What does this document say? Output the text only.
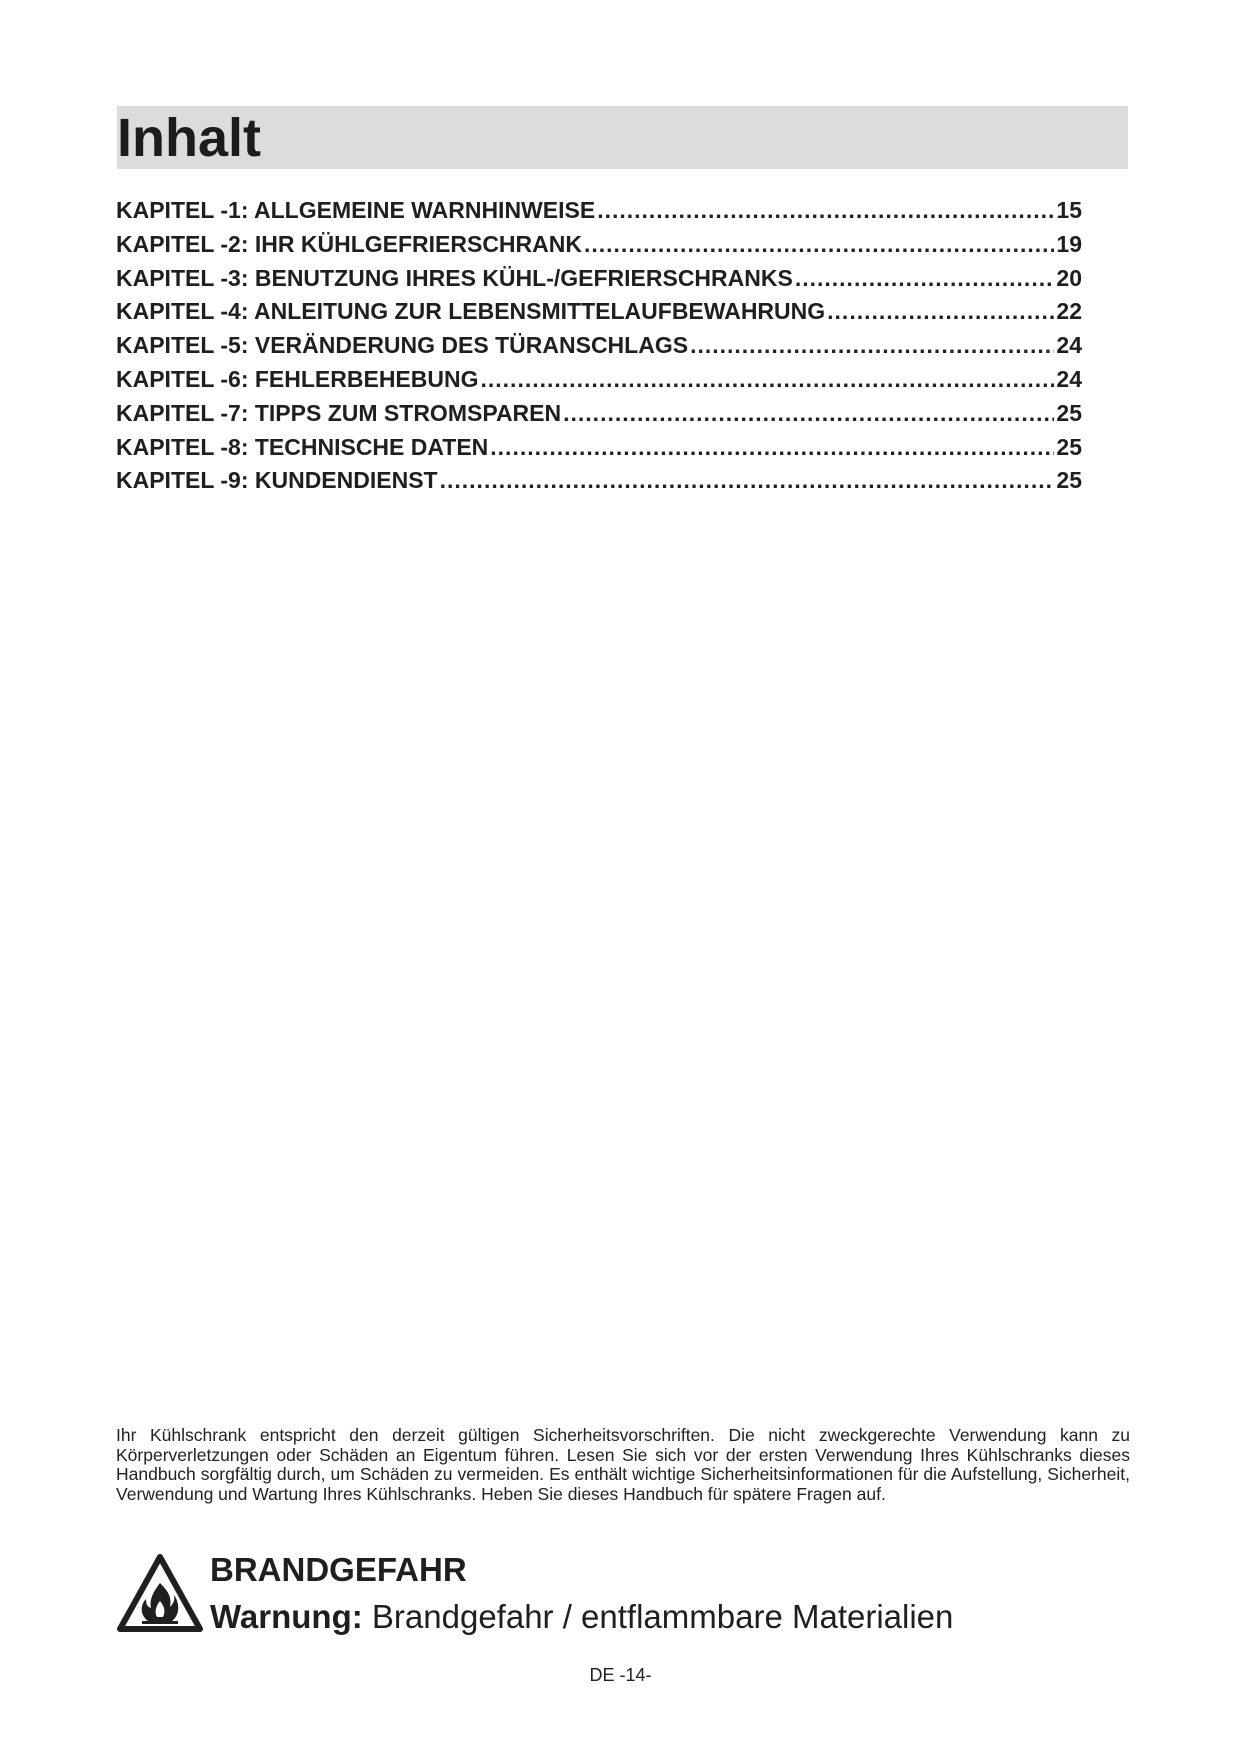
Inhalt
KAPITEL -1: ALLGEMEINE WARNHINWEISE .....	15
KAPITEL -2: IHR KÜHLGEFRIERSCHRANK .....	19
KAPITEL -3: BENUTZUNG IHRES KÜHL-/GEFRIERSCHRANKS .....	20
KAPITEL -4: ANLEITUNG ZUR LEBENSMITTELAUFBEWAHRUNG .....	22
KAPITEL -5: VERÄNDERUNG DES TÜRANSCHLAGS .....	24
KAPITEL -6: FEHLERBEHEBUNG .....	24
KAPITEL -7: TIPPS ZUM STROMSPAREN .....	25
KAPITEL -8: TECHNISCHE DATEN .....	25
KAPITEL -9: KUNDENDIENST .....	25
Ihr Kühlschrank entspricht den derzeit gültigen Sicherheitsvorschriften. Die nicht zweckgerechte Verwendung kann zu Körperverletzungen oder Schäden an Eigentum führen. Lesen Sie sich vor der ersten Verwendung Ihres Kühlschranks dieses Handbuch sorgfältig durch, um Schäden zu vermeiden. Es enthält wichtige Sicherheitsinformationen für die Aufstellung, Sicherheit, Verwendung und Wartung Ihres Kühlschranks. Heben Sie dieses Handbuch für spätere Fragen auf.
BRANDGEFAHR
Warnung: Brandgefahr / entflammbare Materialien
DE -14-
